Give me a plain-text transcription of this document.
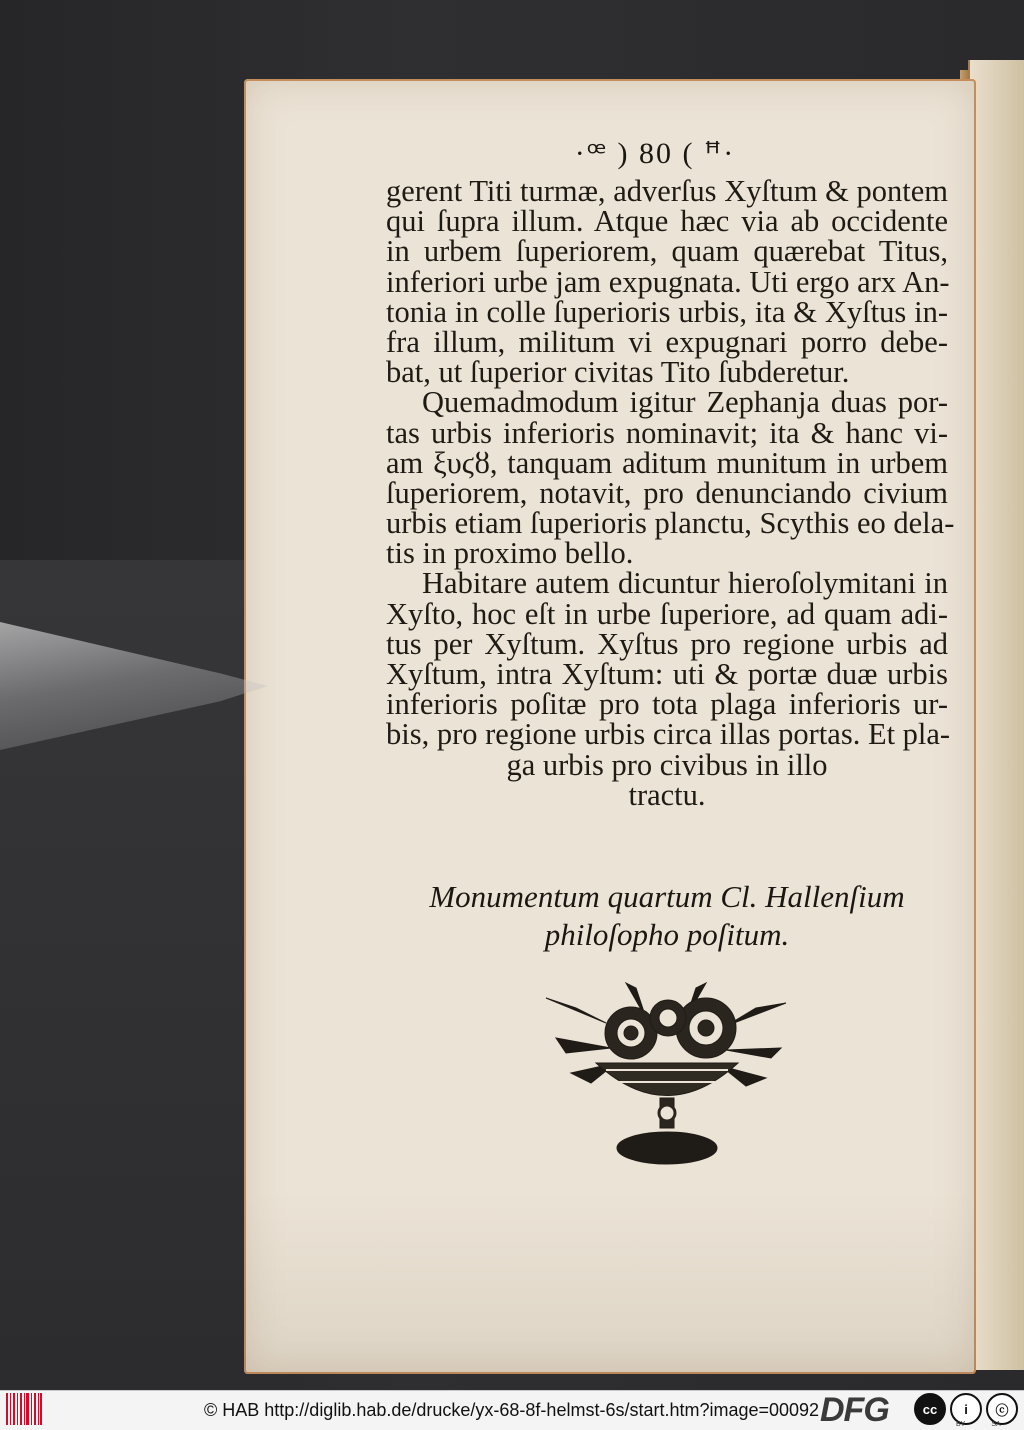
·ꟹ ) 80 ( ꟸ·
gerent Titi turmæ, adverſus Xyſtum & pontem
qui ſupra illum. Atque hæc via ab occidente
in urbem ſuperiorem, quam quærebat Titus,
inferiori urbe jam expugnata. Uti ergo arx An-
tonia in colle ſuperioris urbis, ita & Xyſtus in-
fra illum, militum vi expugnari porro debe-
bat, ut ſuperior civitas Tito ſubderetur.
Quemadmodum igitur Zephanja duas por-
tas urbis inferioris nominavit; ita & hanc vi-
am ξυϛȣ, tanquam aditum munitum in urbem
ſuperiorem, notavit, pro denunciando civium
urbis etiam ſuperioris planctu, Scythis eo dela-
tis in proximo bello.
Habitare autem dicuntur hieroſolymitani in
Xyſto, hoc eſt in urbe ſuperiore, ad quam adi-
tus per Xyſtum. Xyſtus pro regione urbis ad
Xyſtum, intra Xyſtum: uti & portæ duæ urbis
inferioris poſitæ pro tota plaga inferioris ur-
bis, pro regione urbis circa illas portas. Et pla-
ga urbis pro civibus in illo
tractu.
Monumentum quartum Cl. Hallenſium
philoſopho poſitum.
© HAB http://diglib.hab.de/drucke/yx-68-8f-helmst-6s/start.htm?image=00092 DFG	cc	i	ⓒ
BY	SA
